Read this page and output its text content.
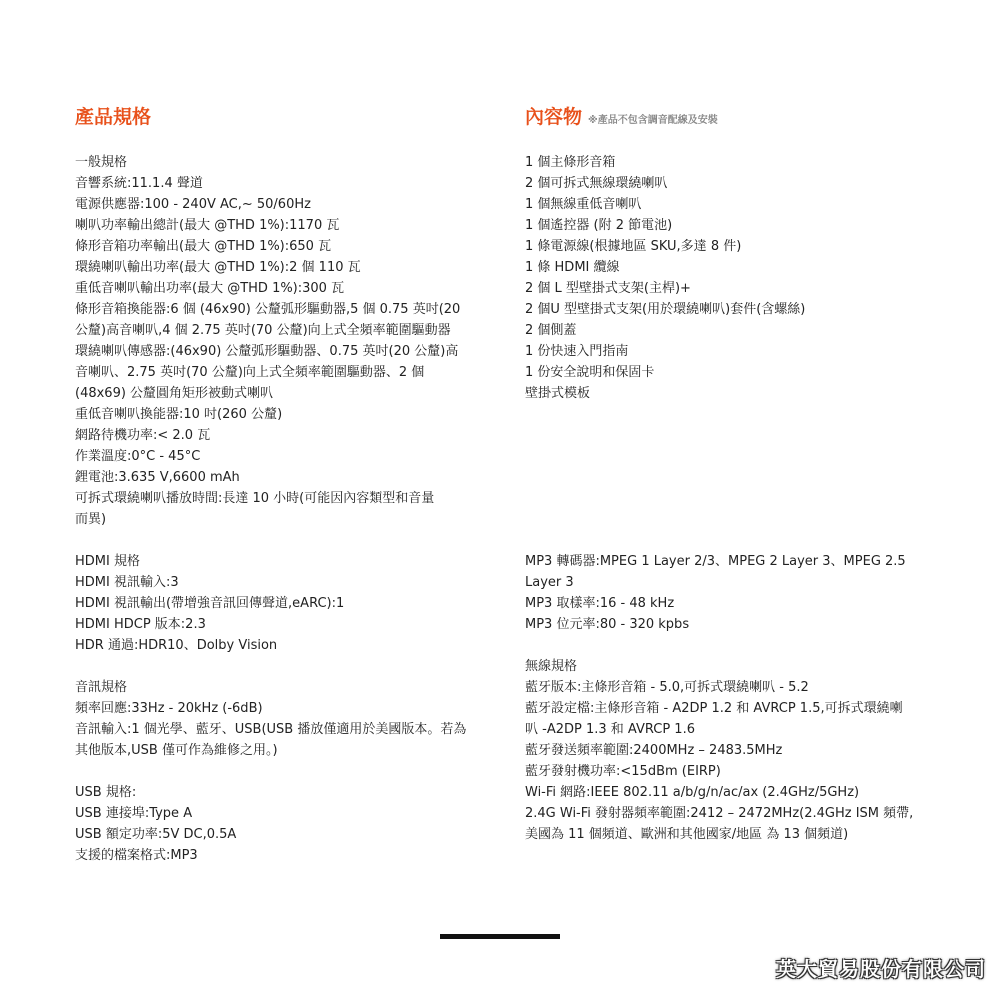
產品規格
一般規格
音響系統:11.1.4 聲道
電源供應器:100 - 240V AC,~ 50/60Hz
喇叭功率輸出總計(最大 @THD 1%):1170 瓦
條形音箱功率輸出(最大 @THD 1%):650 瓦
環繞喇叭輸出功率(最大 @THD 1%):2 個 110 瓦
重低音喇叭輸出功率(最大 @THD 1%):300 瓦
條形音箱換能器:6 個 (46x90) 公釐弧形驅動器,5 個 0.75 英吋(20
公釐)高音喇叭,4 個 2.75 英吋(70 公釐)向上式全頻率範圍驅動器
環繞喇叭傳感器:(46x90) 公釐弧形驅動器、0.75 英吋(20 公釐)高
音喇叭、2.75 英吋(70 公釐)向上式全頻率範圍驅動器、2 個
(48x69) 公釐圓角矩形被動式喇叭
重低音喇叭換能器:10 吋(260 公釐)
網路待機功率:< 2.0 瓦
作業溫度:0°C - 45°C
鋰電池:3.635 V,6600 mAh
可拆式環繞喇叭播放時間:長達 10 小時(可能因內容類型和音量
而異)
HDMI 規格
HDMI 視訊輸入:3
HDMI 視訊輸出(帶增強音訊回傳聲道,eARC):1
HDMI HDCP 版本:2.3
HDR 通過:HDR10、Dolby Vision
音訊規格
頻率回應:33Hz - 20kHz (-6dB)
音訊輸入:1 個光學、藍牙、USB(USB 播放僅適用於美國版本。若為
其他版本,USB 僅可作為維修之用。)
USB 規格:
USB 連接埠:Type A
USB 額定功率:5V DC,0.5A
支援的檔案格式:MP3
內容物 ※產品不包含調音配線及安裝
1 個主條形音箱
2 個可拆式無線環繞喇叭
1 個無線重低音喇叭
1 個遙控器 (附 2 節電池)
1 條電源線(根據地區 SKU,多達 8 件)
1 條 HDMI 纜線
2 個 L 型壁掛式支架(主桿)+
2 個U 型壁掛式支架(用於環繞喇叭)套件(含螺絲)
2 個側蓋
1 份快速入門指南
1 份安全說明和保固卡
壁掛式模板
MP3 轉碼器:MPEG 1 Layer 2/3、MPEG 2 Layer 3、MPEG 2.5
Layer 3
MP3 取樣率:16 - 48 kHz
MP3 位元率:80 - 320 kpbs
無線規格
藍牙版本:主條形音箱 - 5.0,可拆式環繞喇叭 - 5.2
藍牙設定檔:主條形音箱 - A2DP 1.2 和 AVRCP 1.5,可拆式環繞喇
叭 -A2DP 1.3 和 AVRCP 1.6
藍牙發送頻率範圍:2400MHz – 2483.5MHz
藍牙發射機功率:<15dBm (EIRP)
Wi-Fi 網路:IEEE 802.11 a/b/g/n/ac/ax (2.4GHz/5GHz)
2.4G Wi-Fi 發射器頻率範圍:2412 – 2472MHz(2.4GHz ISM 頻帶,
美國為 11 個頻道、歐洲和其他國家/地區 為 13 個頻道)
英大貿易股份有限公司
